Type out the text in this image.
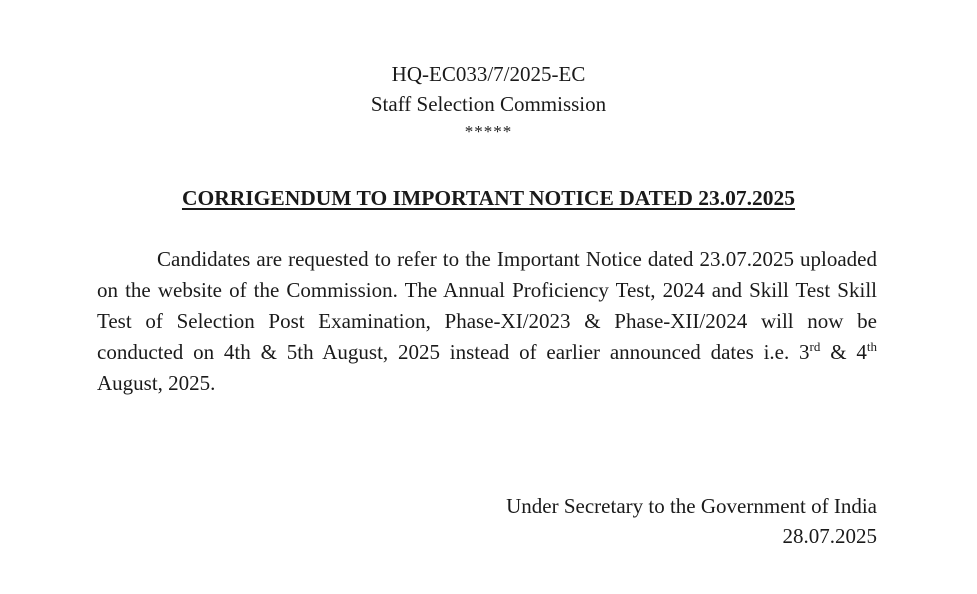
HQ-EC033/7/2025-EC
Staff Selection Commission
*****
CORRIGENDUM TO IMPORTANT NOTICE DATED 23.07.2025

Candidates are requested to refer to the Important Notice dated 23.07.2025 uploaded on the website of the Commission. The Annual Proficiency Test, 2024 and Skill Test Skill Test of Selection Post Examination, Phase-XI/2023 & Phase-XII/2024 will now be conducted on 4th & 5th August, 2025 instead of earlier announced dates i.e. 3rd & 4th August, 2025.

Under Secretary to the Government of India
28.07.2025
